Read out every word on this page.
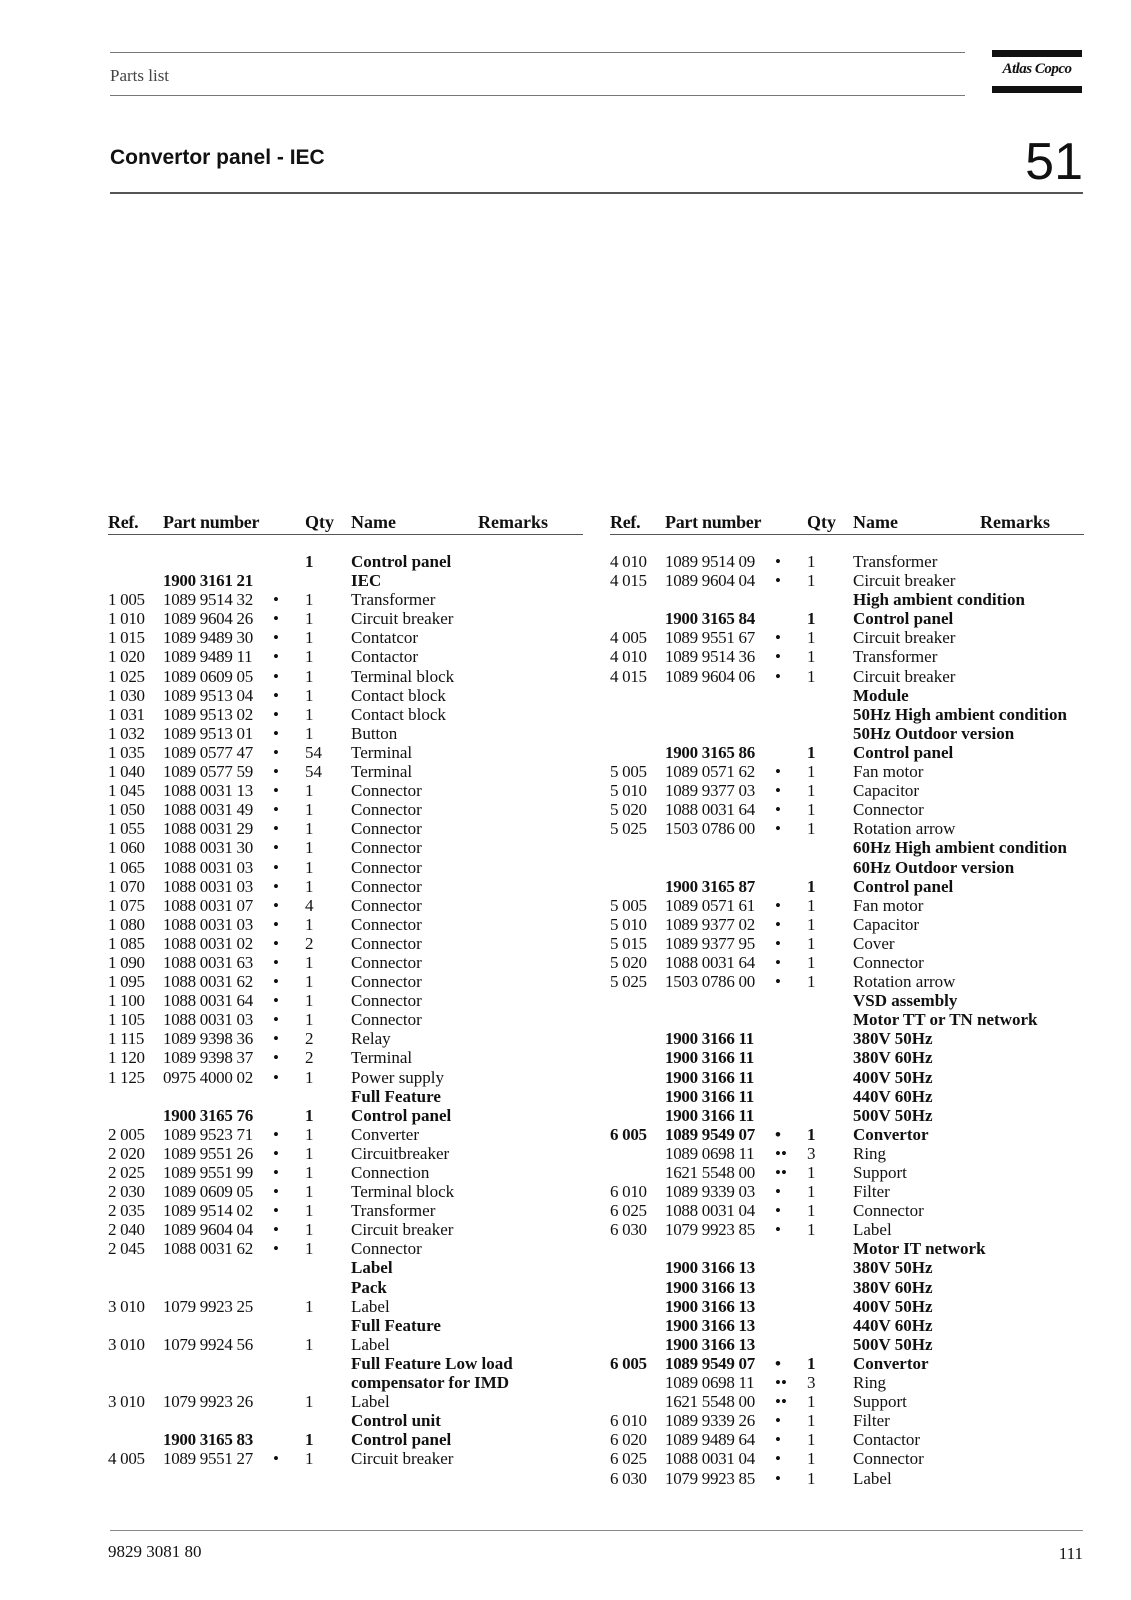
Parts list	Atlas Copco
Convertor panel - IEC	51
Ref. Part number	Qty Name	Remarks
1 Control panel
1900 3161 21	IEC
1 005 1089 9514 32 • 1 Transformer
1 010 1089 9604 26 • 1 Circuit breaker
1 015 1089 9489 30 • 1 Contatcor
1 020 1089 9489 11 • 1 Contactor
1 025 1089 0609 05 • 1 Terminal block
1 030 1089 9513 04 • 1 Contact block
1 031 1089 9513 02 • 1 Contact block
1 032 1089 9513 01 • 1 Button
1 035 1089 0577 47 • 54 Terminal
1 040 1089 0577 59 • 54 Terminal
1 045 1088 0031 13 • 1 Connector
1 050 1088 0031 49 • 1 Connector
1 055 1088 0031 29 • 1 Connector
1 060 1088 0031 30 • 1 Connector
1 065 1088 0031 03 • 1 Connector
1 070 1088 0031 03 • 1 Connector
1 075 1088 0031 07 • 4 Connector
1 080 1088 0031 03 • 1 Connector
1 085 1088 0031 02 • 2 Connector
1 090 1088 0031 63 • 1 Connector
1 095 1088 0031 62 • 1 Connector
1 100 1088 0031 64 • 1 Connector
1 105 1088 0031 03 • 1 Connector
1 115 1089 9398 36 • 2 Relay
1 120 1089 9398 37 • 2 Terminal
1 125 0975 4000 02 • 1 Power supply
Full Feature
1900 3165 76	1 Control panel
2 005 1089 9523 71 • 1 Converter
2 020 1089 9551 26 • 1 Circuitbreaker
2 025 1089 9551 99 • 1 Connection
2 030 1089 0609 05 • 1 Terminal block
2 035 1089 9514 02 • 1 Transformer
2 040 1089 9604 04 • 1 Circuit breaker
2 045 1088 0031 62 • 1 Connector
Label
Pack
3 010 1079 9923 25	1 Label
Full Feature
3 010 1079 9924 56	1 Label
Full Feature Low load
compensator for IMD
3 010 1079 9923 26	1 Label
Control unit
1900 3165 83	1 Control panel
4 005 1089 9551 27 • 1 Circuit breaker
Ref. Part number	Qty Name	Remarks
4 010 1089 9514 09 • 1 Transformer
4 015 1089 9604 04 • 1 Circuit breaker
High ambient condition
1900 3165 84	1 Control panel
4 005 1089 9551 67 • 1 Circuit breaker
4 010 1089 9514 36 • 1 Transformer
4 015 1089 9604 06 • 1 Circuit breaker
Module
50Hz High ambient condition
50Hz Outdoor version
1900 3165 86	1 Control panel
5 005 1089 0571 62 • 1 Fan motor
5 010 1089 9377 03 • 1 Capacitor
5 020 1088 0031 64 • 1 Connector
5 025 1503 0786 00 • 1 Rotation arrow
60Hz High ambient condition
60Hz Outdoor version
1900 3165 87	1 Control panel
5 005 1089 0571 61 • 1 Fan motor
5 010 1089 9377 02 • 1 Capacitor
5 015 1089 9377 95 • 1 Cover
5 020 1088 0031 64 • 1 Connector
5 025 1503 0786 00 • 1 Rotation arrow
VSD assembly
Motor TT or TN network
1900 3166 11	380V 50Hz
1900 3166 11	380V 60Hz
1900 3166 11	400V 50Hz
1900 3166 11	440V 60Hz
1900 3166 11	500V 50Hz
6 005 1089 9549 07 • 1 Convertor
1089 0698 11 •• 3 Ring
1621 5548 00 •• 1 Support
6 010 1089 9339 03 • 1 Filter
6 025 1088 0031 04 • 1 Connector
6 030 1079 9923 85 • 1 Label
Motor IT network
1900 3166 13	380V 50Hz
1900 3166 13	380V 60Hz
1900 3166 13	400V 50Hz
1900 3166 13	440V 60Hz
1900 3166 13	500V 50Hz
6 005 1089 9549 07 • 1 Convertor
1089 0698 11 •• 3 Ring
1621 5548 00 •• 1 Support
6 010 1089 9339 26 • 1 Filter
6 020 1089 9489 64 • 1 Contactor
6 025 1088 0031 04 • 1 Connector
6 030 1079 9923 85 • 1 Label
9829 3081 80	111
